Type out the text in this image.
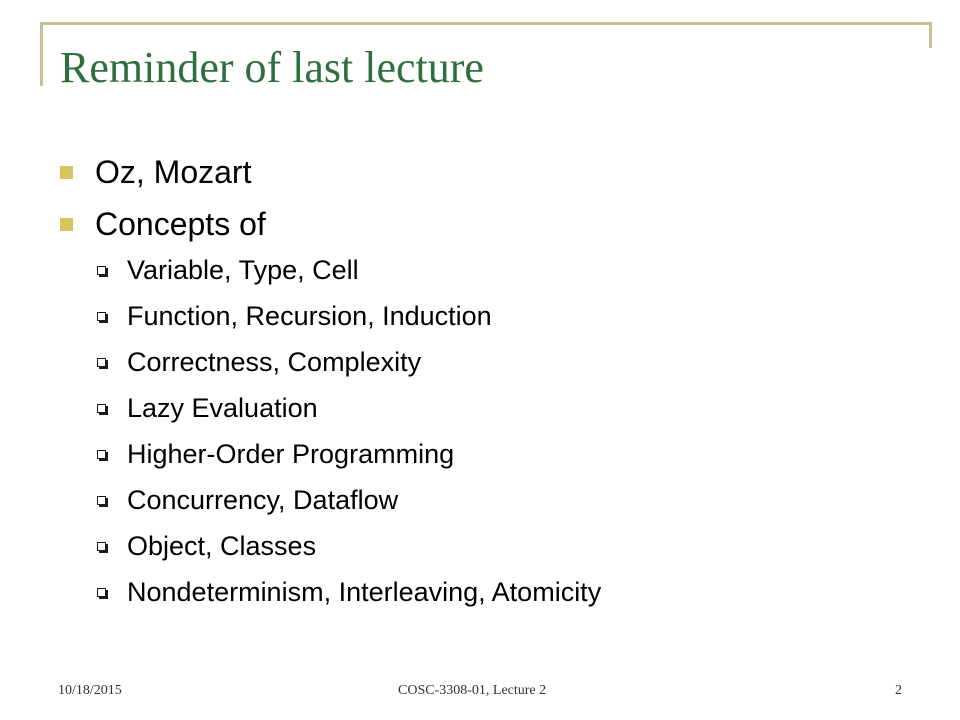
Reminder of last lecture
Oz, Mozart
Concepts of
Variable, Type, Cell
Function, Recursion, Induction
Correctness, Complexity
Lazy Evaluation
Higher-Order Programming
Concurrency, Dataflow
Object, Classes
Nondeterminism, Interleaving, Atomicity
10/18/2015	COSC-3308-01, Lecture 2	2
